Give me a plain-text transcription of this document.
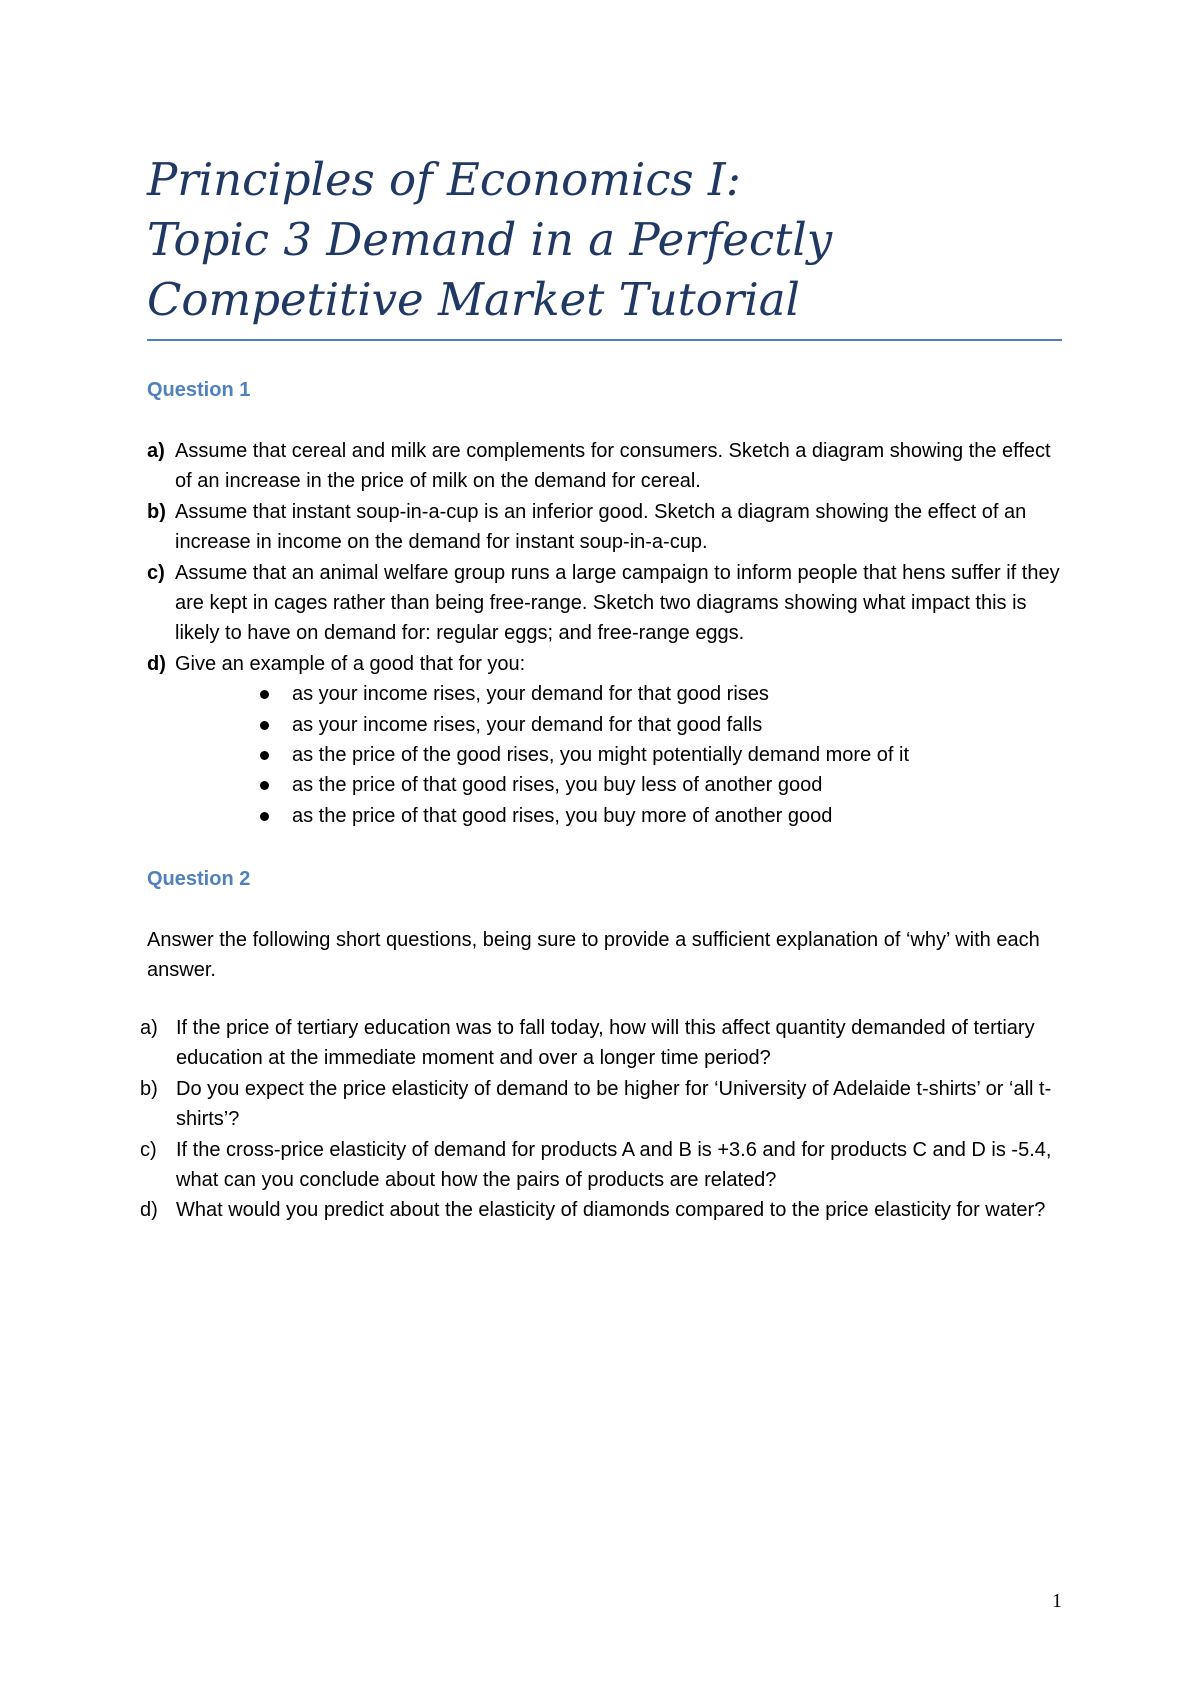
Principles of Economics I:
Topic 3 Demand in a Perfectly
Competitive Market Tutorial
Question 1
a) Assume that cereal and milk are complements for consumers. Sketch a diagram showing the effect of an increase in the price of milk on the demand for cereal.
b) Assume that instant soup-in-a-cup is an inferior good. Sketch a diagram showing the effect of an increase in income on the demand for instant soup-in-a-cup.
c) Assume that an animal welfare group runs a large campaign to inform people that hens suffer if they are kept in cages rather than being free-range. Sketch two diagrams showing what impact this is likely to have on demand for: regular eggs; and free-range eggs.
d) Give an example of a good that for you:
as your income rises, your demand for that good rises
as your income rises, your demand for that good falls
as the price of the good rises, you might potentially demand more of it
as the price of that good rises, you buy less of another good
as the price of that good rises, you buy more of another good
Question 2

Answer the following short questions, being sure to provide a sufficient explanation of ‘why’ with each answer.

a) If the price of tertiary education was to fall today, how will this affect quantity demanded of tertiary education at the immediate moment and over a longer time period?
b) Do you expect the price elasticity of demand to be higher for ‘University of Adelaide t-shirts’ or ‘all t-shirts’?
c) If the cross-price elasticity of demand for products A and B is +3.6 and for products C and D is -5.4, what can you conclude about how the pairs of products are related?
d) What would you predict about the elasticity of diamonds compared to the price elasticity for water?
1
